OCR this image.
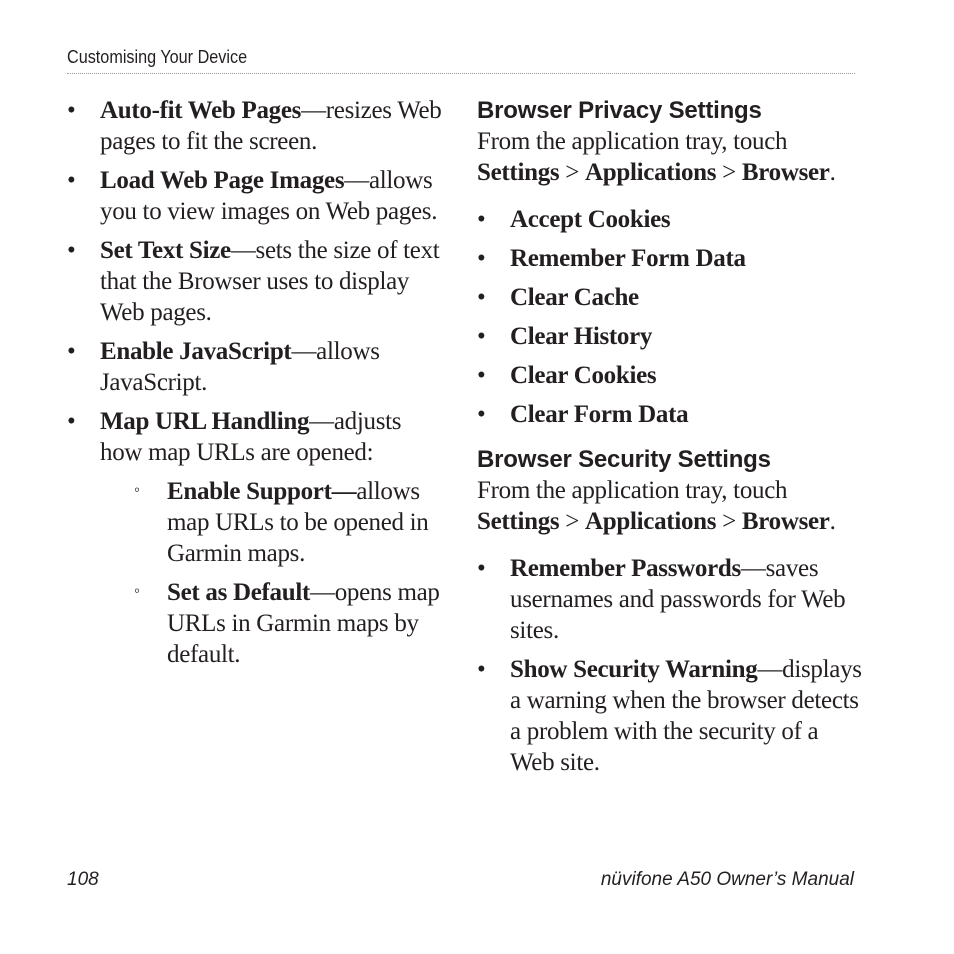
Customising Your Device
• Auto-fit Web Pages—resizes Web pages to fit the screen.
• Load Web Page Images—allows you to view images on Web pages.
• Set Text Size—sets the size of text that the Browser uses to display Web pages.
• Enable JavaScript—allows JavaScript.
• Map URL Handling—adjusts how map URLs are opened:
◦ Enable Support—allows map URLs to be opened in Garmin maps.
◦ Set as Default—opens map URLs in Garmin maps by default.
Browser Privacy Settings

From the application tray, touch
Settings > Applications > Browser.

• Accept Cookies
• Remember Form Data
• Clear Cache
• Clear History
• Clear Cookies
• Clear Form Data
Browser Security Settings

From the application tray, touch
Settings > Applications > Browser.

• Remember Passwords—saves usernames and passwords for Web sites.
• Show Security Warning—displays a warning when the browser detects a problem with the security of a Web site.
108	nüvifone A50 Owner’s Manual
